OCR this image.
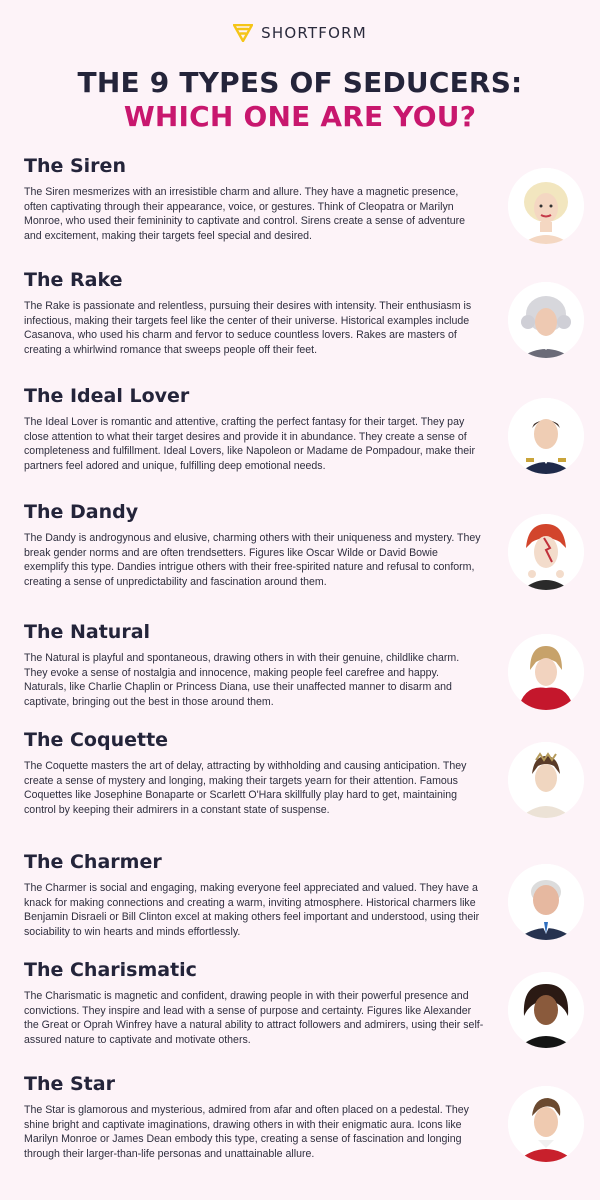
SHORTFORM
THE 9 TYPES OF SEDUCERS:
WHICH ONE ARE YOU?
The Siren

The Siren mesmerizes with an irresistible charm and allure. They have a magnetic presence, often captivating through their appearance, voice, or gestures. Think of Cleopatra or Marilyn Monroe, who used their femininity to captivate and control. Sirens create a sense of adventure and excitement, making their targets feel special and desired.

The Rake

The Rake is passionate and relentless, pursuing their desires with intensity. Their enthusiasm is infectious, making their targets feel like the center of their universe. Historical examples include Casanova, who used his charm and fervor to seduce countless lovers. Rakes are masters of creating a whirlwind romance that sweeps people off their feet.

The Ideal Lover

The Ideal Lover is romantic and attentive, crafting the perfect fantasy for their target. They pay close attention to what their target desires and provide it in abundance. They create a sense of completeness and fulfillment. Ideal Lovers, like Napoleon or Madame de Pompadour, make their partners feel adored and unique, fulfilling deep emotional needs.

The Dandy

The Dandy is androgynous and elusive, charming others with their uniqueness and mystery. They break gender norms and are often trendsetters. Figures like Oscar Wilde or David Bowie exemplify this type. Dandies intrigue others with their free-spirited nature and refusal to conform, creating a sense of unpredictability and fascination around them.

The Natural

The Natural is playful and spontaneous, drawing others in with their genuine, childlike charm. They evoke a sense of nostalgia and innocence, making people feel carefree and happy. Naturals, like Charlie Chaplin or Princess Diana, use their unaffected manner to disarm and captivate, bringing out the best in those around them.

The Coquette

The Coquette masters the art of delay, attracting by withholding and causing anticipation. They create a sense of mystery and longing, making their targets yearn for their attention. Famous Coquettes like Josephine Bonaparte or Scarlett O'Hara skillfully play hard to get, maintaining control by keeping their admirers in a constant state of suspense.

The Charmer

The Charmer is social and engaging, making everyone feel appreciated and valued. They have a knack for making connections and creating a warm, inviting atmosphere. Historical charmers like Benjamin Disraeli or Bill Clinton excel at making others feel important and understood, using their sociability to win hearts and minds effortlessly.

The Charismatic

The Charismatic is magnetic and confident, drawing people in with their powerful presence and convictions. They inspire and lead with a sense of purpose and certainty. Figures like Alexander the Great or Oprah Winfrey have a natural ability to attract followers and admirers, using their self-assured nature to captivate and motivate others.

The Star

The Star is glamorous and mysterious, admired from afar and often placed on a pedestal. They shine bright and captivate imaginations, drawing others in with their enigmatic aura. Icons like Marilyn Monroe or James Dean embody this type, creating a sense of fascination and longing through their larger-than-life personas and unattainable allure.
